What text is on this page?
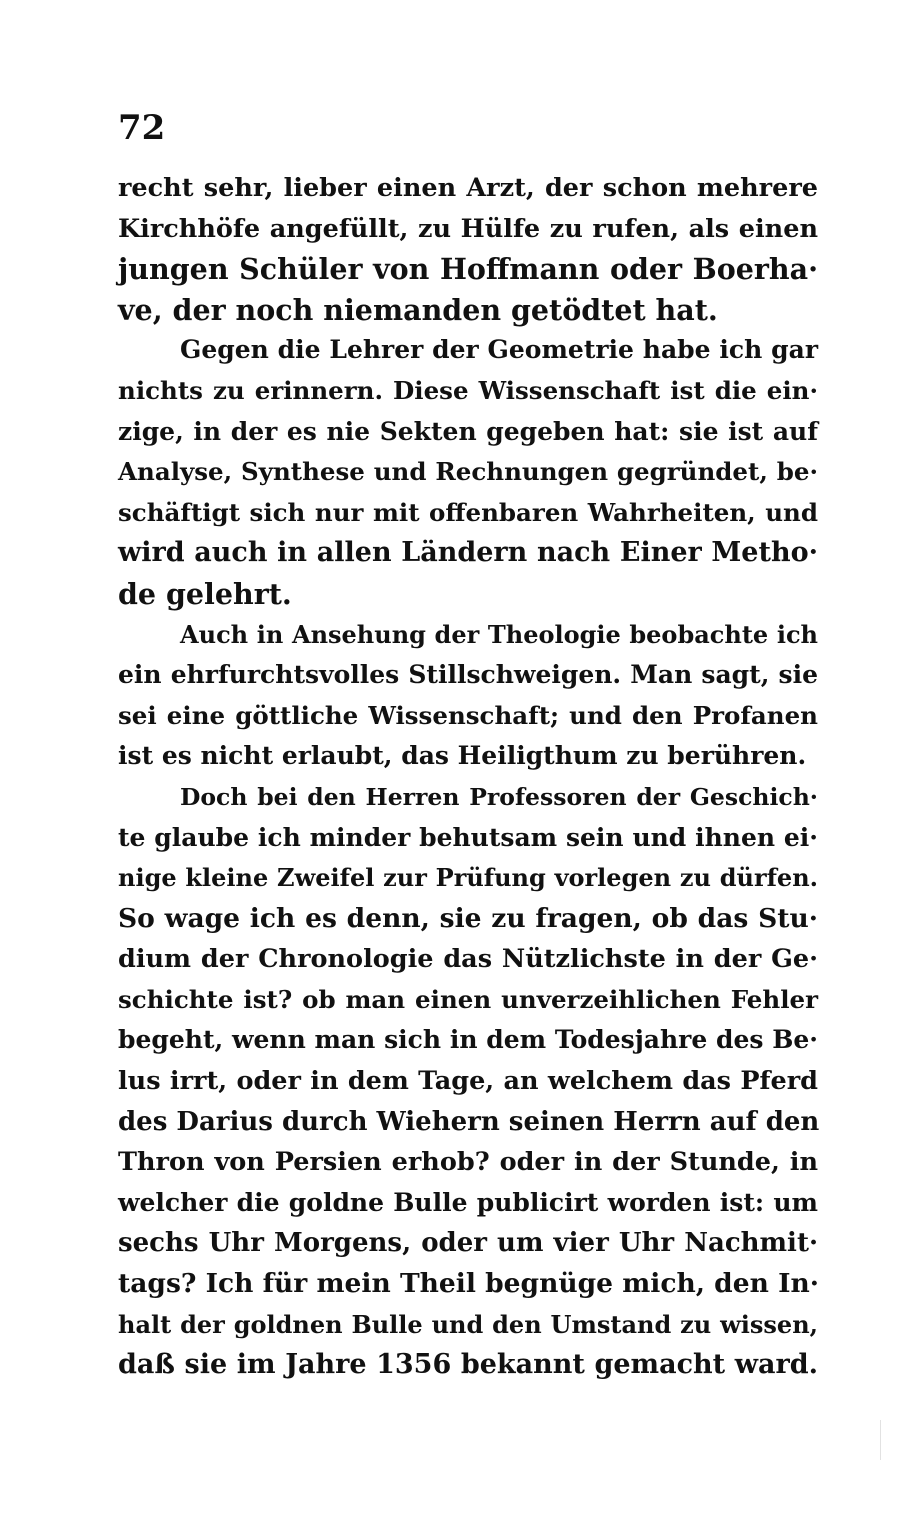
72
recht sehr, lieber einen Arzt, der schon mehrere
Kirchhöfe angefüllt, zu Hülfe zu rufen, als einen
jungen Schüler von Hoffmann oder Boerha·
ve, der noch niemanden getödtet hat.
Gegen die Lehrer der Geometrie habe ich gar
nichts zu erinnern. Diese Wissenschaft ist die ein·
zige, in der es nie Sekten gegeben hat: sie ist auf
Analyse, Synthese und Rechnungen gegründet, be·
schäftigt sich nur mit offenbaren Wahrheiten, und
wird auch in allen Ländern nach Einer Metho·
de gelehrt.
Auch in Ansehung der Theologie beobachte ich
ein ehrfurchtsvolles Stillschweigen. Man sagt, sie
sei eine göttliche Wissenschaft; und den Profanen
ist es nicht erlaubt, das Heiligthum zu berühren.
Doch bei den Herren Professoren der Geschich·
te glaube ich minder behutsam sein und ihnen ei·
nige kleine Zweifel zur Prüfung vorlegen zu dürfen.
So wage ich es denn, sie zu fragen, ob das Stu·
dium der Chronologie das Nützlichste in der Ge·
schichte ist? ob man einen unverzeihlichen Fehler
begeht, wenn man sich in dem Todesjahre des Be·
lus irrt, oder in dem Tage, an welchem das Pferd
des Darius durch Wiehern seinen Herrn auf den
Thron von Persien erhob? oder in der Stunde, in
welcher die goldne Bulle publicirt worden ist: um
sechs Uhr Morgens, oder um vier Uhr Nachmit·
tags? Ich für mein Theil begnüge mich, den In·
halt der goldnen Bulle und den Umstand zu wissen,
daß sie im Jahre 1356 bekannt gemacht ward.
